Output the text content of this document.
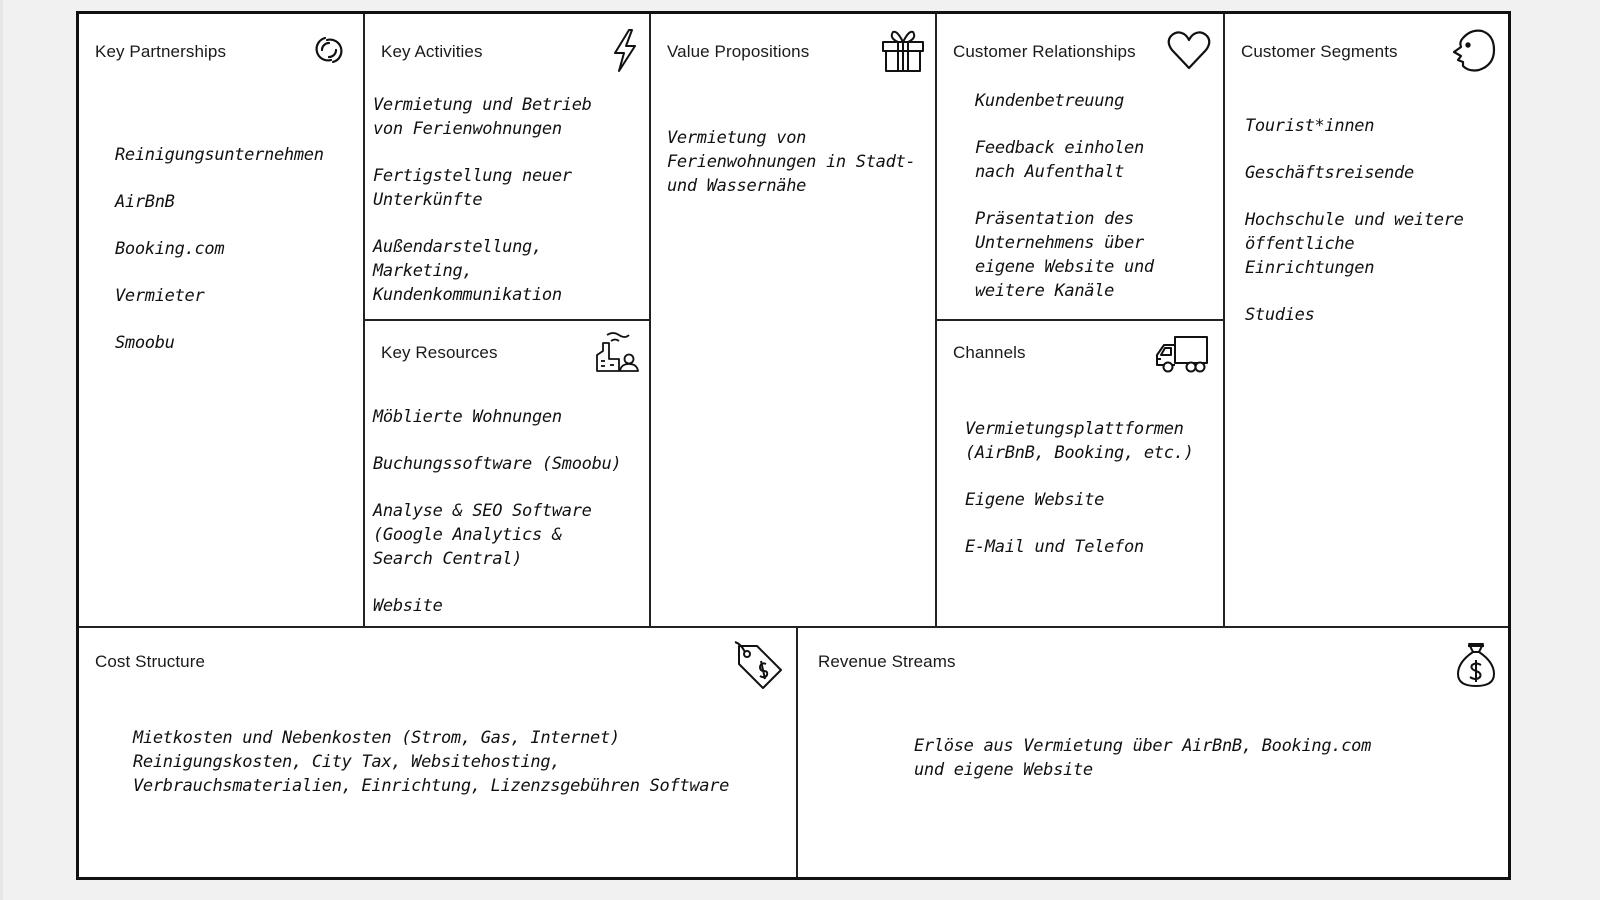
Key Partnerships
Reinigungsunternehmen
AirBnB
Booking.com
Vermieter
Smoobu
Key Activities
Vermietung und Betrieb
von Ferienwohnungen
Fertigstellung neuer
Unterkünfte
Außendarstellung, Marketing,
Kundenkommunikation
Key Resources
Möblierte Wohnungen
Buchungssoftware (Smoobu)
Analyse & SEO Software
(Google Analytics &
Search Central)
Website
Value Propositions
Vermietung von
Ferienwohnungen in Stadt-
und Wassernähe
Customer Relationships
Kundenbetreuung
Feedback einholen
nach Aufenthalt
Präsentation des
Unternehmens über
eigene Website und
weitere Kanäle
Channels
Vermietungsplattformen
(AirBnB, Booking, etc.)
Eigene Website
E-Mail und Telefon
Customer Segments
Tourist*innen
Geschäftsreisende
Hochschule und weitere
öffentliche
Einrichtungen
Studies
Cost Structure
Mietkosten und Nebenkosten (Strom, Gas, Internet)
Reinigungskosten, City Tax, Websitehosting,
Verbrauchsmaterialien, Einrichtung, Lizenzsgebühren Software
Revenue Streams
Erlöse aus Vermietung über AirBnB, Booking.com
und eigene Website
